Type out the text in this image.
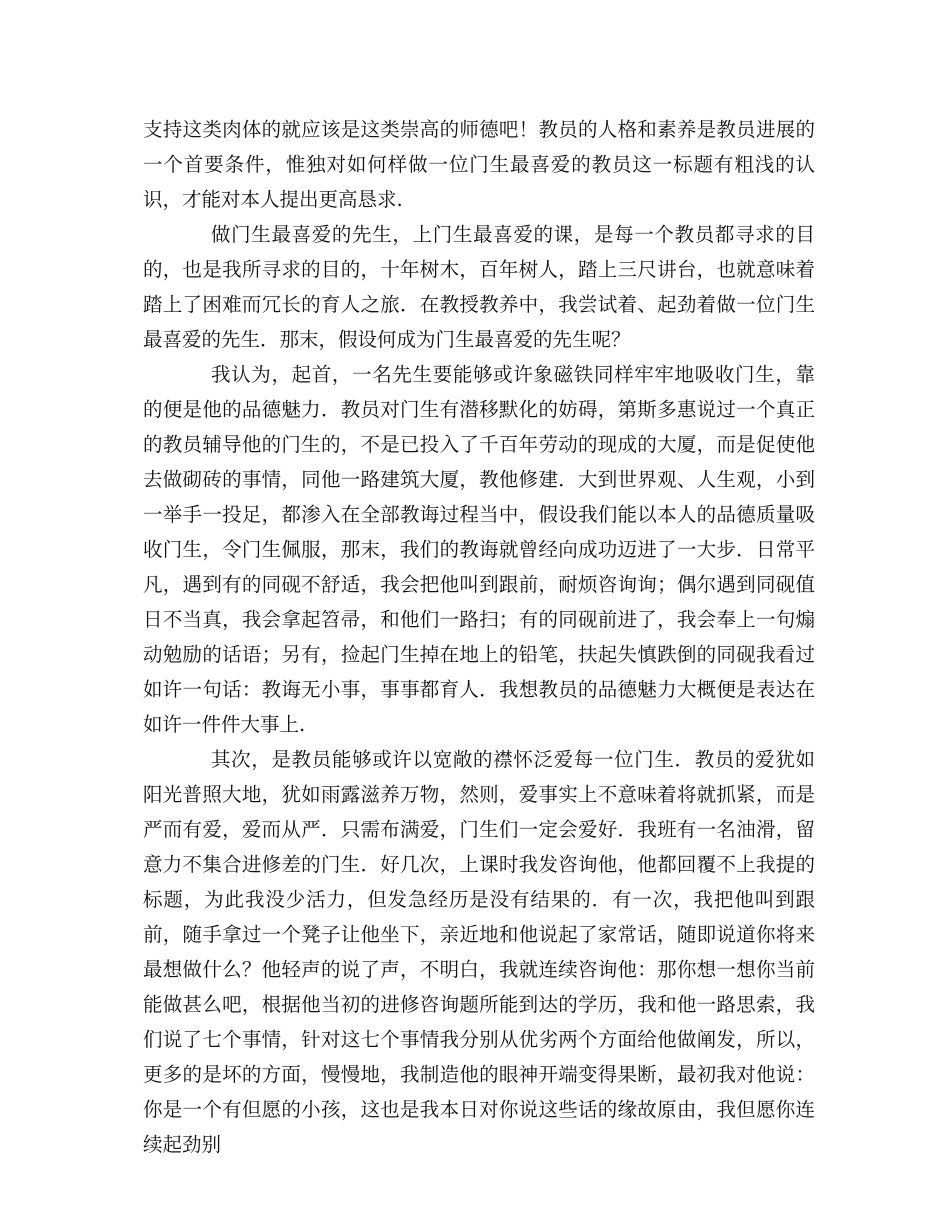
支持这类肉体的就应该是这类崇高的师德吧！教员的人格和素养是教员进展的一个首要条件，惟独对如何样做一位门生最喜爱的教员这一标题有粗浅的认识，才能对本人提出更高恳求.

做门生最喜爱的先生，上门生最喜爱的课，是每一个教员都寻求的目的，也是我所寻求的目的，十年树木，百年树人，踏上三尺讲台，也就意味着踏上了困难而冗长的育人之旅．在教授教养中，我尝试着、起劲着做一位门生最喜爱的先生．那末，假设何成为门生最喜爱的先生呢？

我认为，起首，一名先生要能够或许象磁铁同样牢牢地吸收门生，靠的便是他的品德魅力．教员对门生有潜移默化的妨碍，第斯多惠说过一个真正的教员辅导他的门生的，不是已投入了千百年劳动的现成的大厦，而是促使他去做砌砖的事情，同他一路建筑大厦，教他修建．大到世界观、人生观，小到一举手一投足，都渗入在全部教诲过程当中，假设我们能以本人的品德质量吸收门生，令门生佩服，那末，我们的教诲就曾经向成功迈进了一大步．日常平凡，遇到有的同砚不舒适，我会把他叫到跟前，耐烦咨询询；偶尔遇到同砚值日不当真，我会拿起笤帚，和他们一路扫；有的同砚前进了，我会奉上一句煽动勉励的话语；另有，捡起门生掉在地上的铅笔，扶起失慎跌倒的同砚我看过如许一句话：教诲无小事，事事都育人．我想教员的品德魅力大概便是表达在如许一件件大事上.

其次，是教员能够或许以宽敞的襟怀泛爱每一位门生．教员的爱犹如阳光普照大地，犹如雨露滋养万物，然则，爱事实上不意味着将就抓紧，而是严而有爱，爱而从严．只需布满爱，门生们一定会爱好．我班有一名油滑，留意力不集合进修差的门生．好几次，上课时我发咨询他，他都回覆不上我提的标题，为此我没少活力，但发急经历是没有结果的．有一次，我把他叫到跟前，随手拿过一个凳子让他坐下，亲近地和他说起了家常话，随即说道你将来最想做什么？他轻声的说了声，不明白，我就连续咨询他：那你想一想你当前能做甚么吧，根据他当初的进修咨询题所能到达的学历，我和他一路思索，我们说了七个事情，针对这七个事情我分别从优劣两个方面给他做阐发，所以，更多的是坏的方面，慢慢地，我制造他的眼神开端变得果断，最初我对他说：你是一个有但愿的小孩，这也是我本日对你说这些话的缘故原由，我但愿你连续起劲别
